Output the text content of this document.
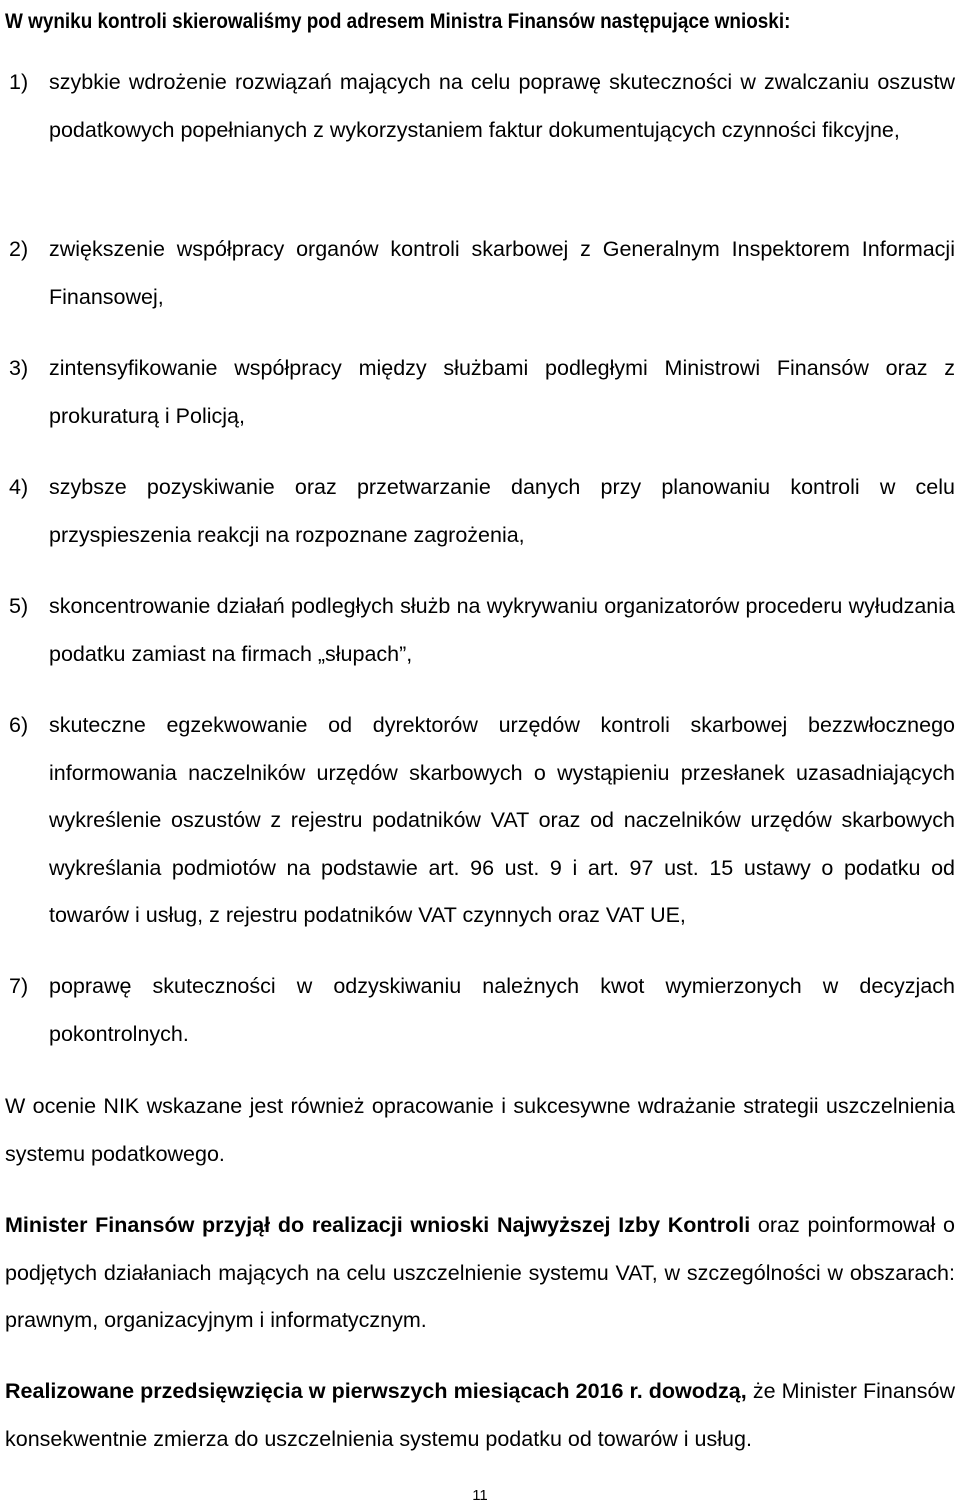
W wyniku kontroli skierowaliśmy pod adresem Ministra Finansów następujące wnioski:
1) szybkie wdrożenie rozwiązań mających na celu poprawę skuteczności w zwalczaniu oszustw podatkowych popełnianych z wykorzystaniem faktur dokumentujących czynności fikcyjne,
2) zwiększenie współpracy organów kontroli skarbowej z Generalnym Inspektorem Informacji Finansowej,
3) zintensyfikowanie współpracy między służbami podległymi Ministrowi Finansów oraz z prokuraturą i Policją,
4) szybsze pozyskiwanie oraz przetwarzanie danych przy planowaniu kontroli w celu przyspieszenia reakcji na rozpoznane zagrożenia,
5) skoncentrowanie działań podległych służb na wykrywaniu organizatorów procederu wyłudzania podatku zamiast na firmach „słupach”,
6) skuteczne egzekwowanie od dyrektorów urzędów kontroli skarbowej bezzwłocznego informowania naczelników urzędów skarbowych o wystąpieniu przesłanek uzasadniających wykreślenie oszustów z rejestru podatników VAT oraz od naczelników urzędów skarbowych wykreślania podmiotów na podstawie art. 96 ust. 9 i art. 97 ust. 15 ustawy o podatku od towarów i usług, z rejestru podatników VAT czynnych oraz VAT UE,
7) poprawę skuteczności w odzyskiwaniu należnych kwot wymierzonych w decyzjach pokontrolnych.
W ocenie NIK wskazane jest również opracowanie i sukcesywne wdrażanie strategii uszczelnienia systemu podatkowego.
Minister Finansów przyjął do realizacji wnioski Najwyższej Izby Kontroli oraz poinformował o podjętych działaniach mających na celu uszczelnienie systemu VAT, w szczególności w obszarach: prawnym, organizacyjnym i informatycznym.
Realizowane przedsięwzięcia w pierwszych miesiącach 2016 r. dowodzą, że Minister Finansów konsekwentnie zmierza do uszczelnienia systemu podatku od towarów i usług.
11
